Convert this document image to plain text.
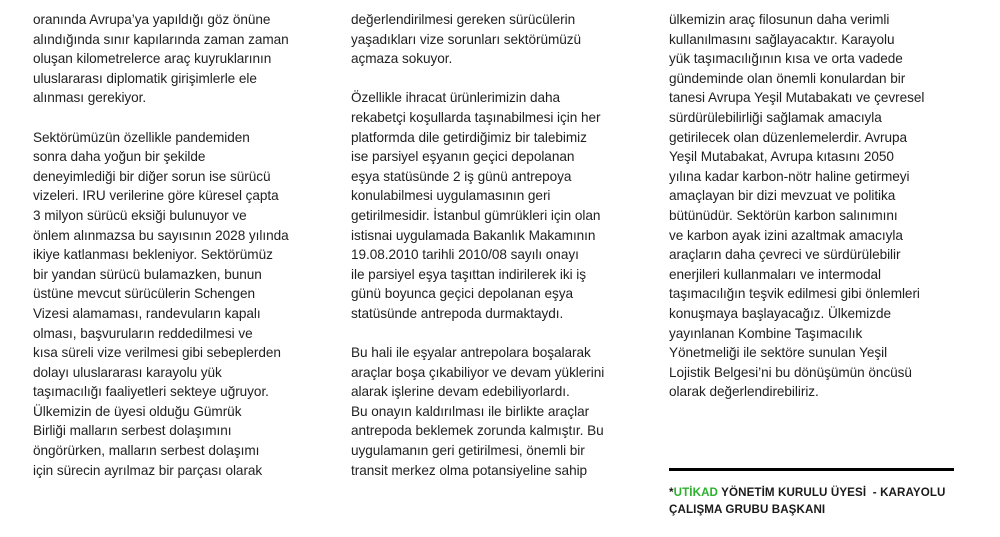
oranında Avrupa’ya yapıldığı göz önüne
alındığında sınır kapılarında zaman zaman
oluşan kilometrelerce araç kuyruklarının
uluslararası diplomatik girişimlerle ele
alınması gerekiyor.
Sektörümüzün özellikle pandemiden
sonra daha yoğun bir şekilde
deneyimlediği bir diğer sorun ise sürücü
vizeleri. IRU verilerine göre küresel çapta
3 milyon sürücü eksiği bulunuyor ve
önlem alınmazsa bu sayısının 2028 yılında
ikiye katlanması bekleniyor. Sektörümüz
bir yandan sürücü bulamazken, bunun
üstüne mevcut sürücülerin Schengen
Vizesi alamaması, randevuların kapalı
olması, başvuruların reddedilmesi ve
kısa süreli vize verilmesi gibi sebeplerden
dolayı uluslararası karayolu yük
taşımacılığı faaliyetleri sekteye uğruyor.
Ülkemizin de üyesi olduğu Gümrük
Birliği malların serbest dolaşımını
öngörürken, malların serbest dolaşımı
için sürecin ayrılmaz bir parçası olarak
değerlendirilmesi gereken sürücülerin
yaşadıkları vize sorunları sektörümüzü
açmaza sokuyor.
Özellikle ihracat ürünlerimizin daha
rekabetçi koşullarda taşınabilmesi için her
platformda dile getirdiğimiz bir talebimiz
ise parsiyel eşyanın geçici depolanan
eşya statüsünde 2 iş günü antrepoya
konulabilmesi uygulamasının geri
getirilmesidir. İstanbul gümrükleri için olan
istisnai uygulamada Bakanlık Makamının
19.08.2010 tarihli 2010/08 sayılı onayı
ile parsiyel eşya taşıttan indirilerek iki iş
günü boyunca geçici depolanan eşya
statüsünde antrepoda durmaktaydı.
Bu hali ile eşyalar antrepolara boşalarak
araçlar boşa çıkabiliyor ve devam yüklerini
alarak işlerine devam edebiliyorlardı.
Bu onayın kaldırılması ile birlikte araçlar
antrepoda beklemek zorunda kalmıştır. Bu
uygulamanın geri getirilmesi, önemli bir
transit merkez olma potansiyeline sahip
ülkemizin araç filosunun daha verimli
kullanılmasını sağlayacaktır. Karayolu
yük taşımacılığının kısa ve orta vadede
gündeminde olan önemli konulardan bir
tanesi Avrupa Yeşil Mutabakatı ve çevresel
sürdürülebilirliği sağlamak amacıyla
getirilecek olan düzenlemelerdir. Avrupa
Yeşil Mutabakat, Avrupa kıtasını 2050
yılına kadar karbon-nötr haline getirmeyi
amaçlayan bir dizi mevzuat ve politika
bütünüdür. Sektörün karbon salınımını
ve karbon ayak izini azaltmak amacıyla
araçların daha çevreci ve sürdürülebilir
enerjileri kullanmaları ve intermodal
taşımacılığın teşvik edilmesi gibi önlemleri
konuşmaya başlayacağız. Ülkemizde
yayınlanan Kombine Taşımacılık
Yönetmeliği ile sektöre sunulan Yeşil
Lojistik Belgesi’ni bu dönüşümün öncüsü
olarak değerlendirebiliriz.
*UTİKAD YÖNETİM KURULU ÜYESİ  - KARAYOLU
ÇALIŞMA GRUBU BAŞKANI
